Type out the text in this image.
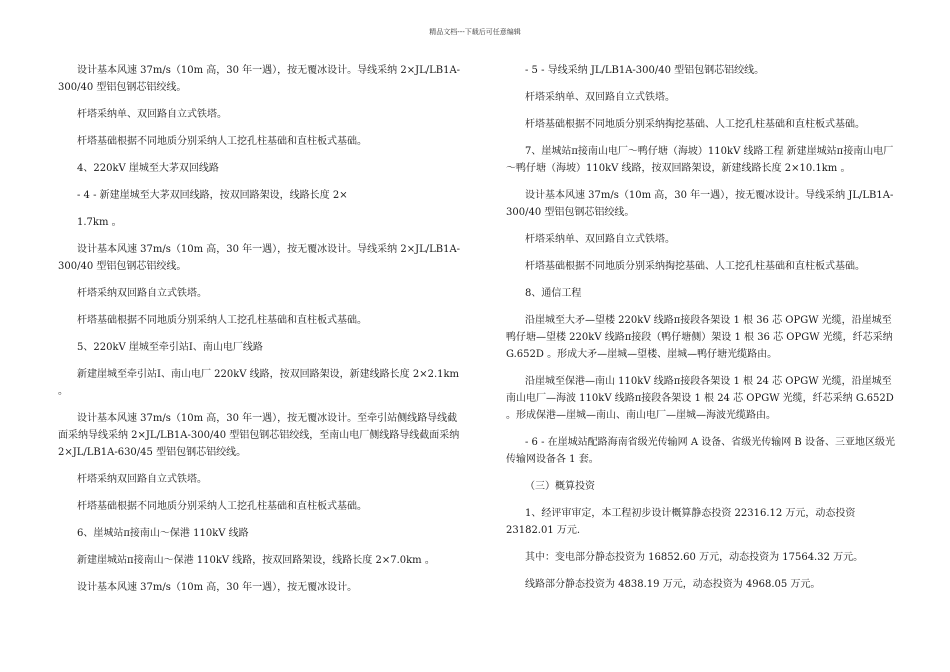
精品文档---下载后可任意编辑

设计基本风速 37m/s（10m 高，30 年一遇），按无覆冰设计。导线采纳 2×JL/LB1A-300/40 型铝包钢芯铝绞线。

杆塔采纳单、双回路自立式铁塔。

杆塔基础根据不同地质分别采纳人工挖孔柱基础和直柱板式基础。

4、220kV 崖城至大茅双回线路

- 4 - 新建崖城至大茅双回线路，按双回路架设，线路长度 2×

1.7km 。

设计基本风速 37m/s（10m 高，30 年一遇），按无覆冰设计。导线采纳 2×JL/LB1A-300/40 型铝包钢芯铝绞线。

杆塔采纳双回路自立式铁塔。

杆塔基础根据不同地质分别采纳人工挖孔柱基础和直柱板式基础。

5、220kV 崖城至牵引站Ⅰ、南山电厂线路

新建崖城至牵引站Ⅰ、南山电厂 220kV 线路，按双回路架设，新建线路长度 2×2.1km 。

设计基本风速 37m/s（10m 高，30 年一遇），按无覆冰设计。至牵引站侧线路导线截面采纳导线采纳 2×JL/LB1A-300/40 型铝包钢芯铝绞线，至南山电厂侧线路导线截面采纳 2×JL/LB1A-630/45 型铝包钢芯铝绞线。

杆塔采纳双回路自立式铁塔。

杆塔基础根据不同地质分别采纳人工挖孔柱基础和直柱板式基础。

6、崖城站π接南山～保港 110kV 线路

新建崖城站π接南山～保港 110kV 线路，按双回路架设，线路长度 2×7.0km 。

设计基本风速 37m/s（10m 高，30 年一遇），按无覆冰设计。

- 5 - 导线采纳 JL/LB1A-300/40 型铝包钢芯铝绞线。

杆塔采纳单、双回路自立式铁塔。

杆塔基础根据不同地质分别采纳掏挖基础、人工挖孔柱基础和直柱板式基础。

7、崖城站π接南山电厂～鸭仔塘（海坡）110kV 线路工程 新建崖城站π接南山电厂～鸭仔塘（海坡）110kV 线路，按双回路架设，新建线路长度 2×10.1km 。

设计基本风速 37m/s（10m 高，30 年一遇），按无覆冰设计。导线采纳 JL/LB1A-300/40 型铝包钢芯铝绞线。

杆塔采纳单、双回路自立式铁塔。

杆塔基础根据不同地质分别采纳掏挖基础、人工挖孔柱基础和直柱板式基础。

8、通信工程

沿崖城至大矛—望楼 220kV 线路π接段各架设 1 根 36 芯 OPGW 光缆，沿崖城至鸭仔塘—望楼 220kV 线路π接段（鸭仔塘侧）架设 1 根 36 芯 OPGW 光缆，纤芯采纳 G.652D 。形成大矛—崖城—望楼、崖城—鸭仔塘光缆路由。

沿崖城至保港—南山 110kV 线路π接段各架设 1 根 24 芯 OPGW 光缆，沿崖城至南山电厂—海波 110kV 线路π接段各架设 1 根 24 芯 OPGW 光缆，纤芯采纳 G.652D 。形成保港—崖城—南山、南山电厂—崖城—海波光缆路由。

- 6 - 在崖城站配路海南省级光传输网 A 设备、省级光传输网 B 设备、三亚地区级光传输网设备各 1 套。

（三）概算投资

1、经评审审定，本工程初步设计概算静态投资 22316.12 万元，动态投资 23182.01 万元.

其中：变电部分静态投资为 16852.60 万元，动态投资为 17564.32 万元。

线路部分静态投资为 4838.19 万元，动态投资为 4968.05 万元。
